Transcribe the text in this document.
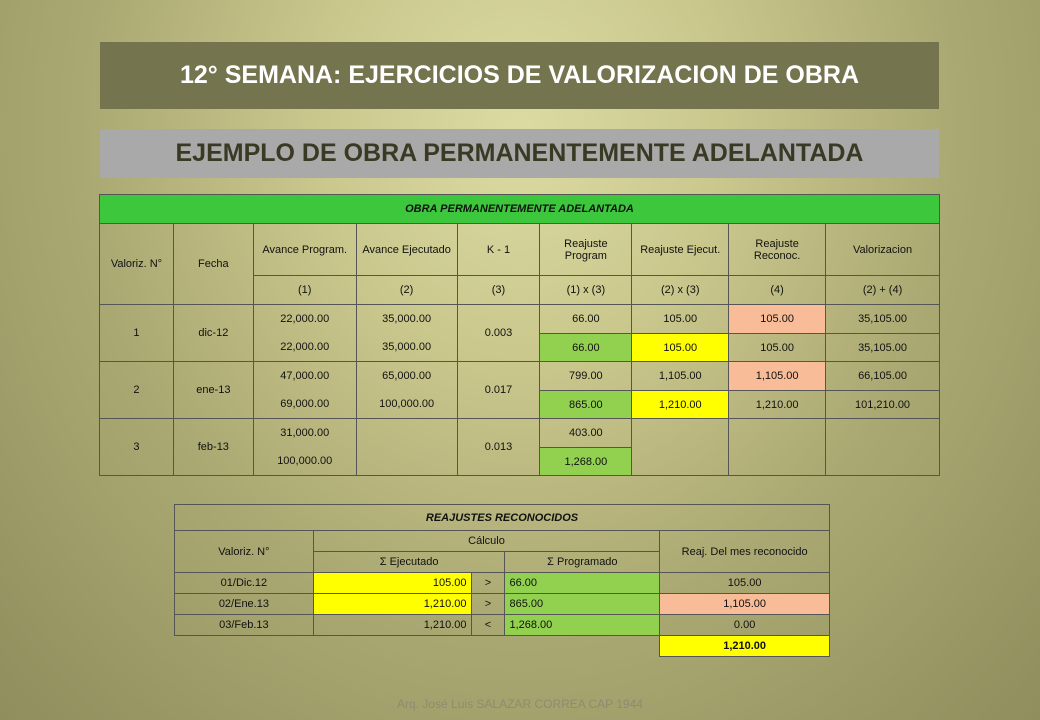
12° SEMANA: EJERCICIOS DE VALORIZACION DE OBRA
EJEMPLO DE OBRA PERMANENTEMENTE ADELANTADA
OBRA PERMANENTEMENTE ADELANTADA								
Valoriz. N°	Fecha	Avance Program.	Avance Ejecutado	K - 1	Reajuste Program	Reajuste Ejecut.	Reajuste Reconoc.	Valorizacion
		(1)	(2)	(3)	(1) x (3)	(2) x (3)	(4)	(2) + (4)
1	dic-12	22,000.00	35,000.00	0.003	66.00	105.00	105.00	35,105.00
		22,000.00	35,000.00		66.00	105.00	105.00	35,105.00
2	ene-13	47,000.00	65,000.00	0.017	799.00	1,105.00	1,105.00	66,105.00
		69,000.00	100,000.00		865.00	1,210.00	1,210.00	101,210.00
3	feb-13	31,000.00		0.013	403.00			
		100,000.00			1,268.00			
REAJUSTES RECONOCIDOS				
Valoriz. N°	Cálculo			Reaj. Del mes reconocido
	Σ Ejecutado		Σ Programado	
01/Dic.12	105.00	>	66.00	105.00
02/Ene.13	1,210.00	>	865.00	1,105.00
03/Feb.13	1,210.00	<	1,268.00	0.00
				1,210.00
Arq. José Luis SALAZAR CORREA CAP 1944
